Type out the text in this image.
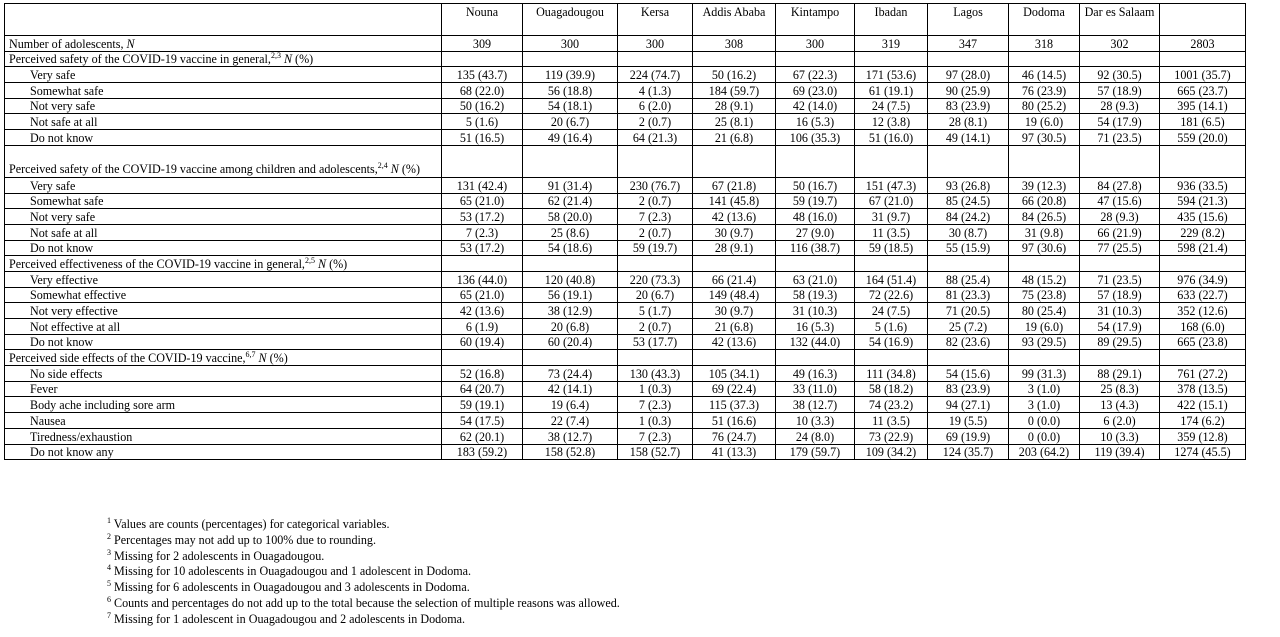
	Nouna	Ouagadougou	Kersa	Addis Ababa	Kintampo	Ibadan	Lagos	Dodoma	Dar es Salaam	
Number of adolescents, N	309	300	300	308	300	319	347	318	302	2803
Perceived safety of the COVID-19 vaccine in general,$^{2,3}$ N (%)										
Very safe	135 (43.7)	119 (39.9)	224 (74.7)	50 (16.2)	67 (22.3)	171 (53.6)	97 (28.0)	46 (14.5)	92 (30.5)	1001 (35.7)
Somewhat safe	68 (22.0)	56 (18.8)	4 (1.3)	184 (59.7)	69 (23.0)	61 (19.1)	90 (25.9)	76 (23.9)	57 (18.9)	665 (23.7)
Not very safe	50 (16.2)	54 (18.1)	6 (2.0)	28 (9.1)	42 (14.0)	24 (7.5)	83 (23.9)	80 (25.2)	28 (9.3)	395 (14.1)
Not safe at all	5 (1.6)	20 (6.7)	2 (0.7)	25 (8.1)	16 (5.3)	12 (3.8)	28 (8.1)	19 (6.0)	54 (17.9)	181 (6.5)
Do not know	51 (16.5)	49 (16.4)	64 (21.3)	21 (6.8)	106 (35.3)	51 (16.0)	49 (14.1)	97 (30.5)	71 (23.5)	559 (20.0)
Perceived safety of the COVID-19 vaccine among children and adolescents,$^{2,4}$ N (%)										
Very safe	131 (42.4)	91 (31.4)	230 (76.7)	67 (21.8)	50 (16.7)	151 (47.3)	93 (26.8)	39 (12.3)	84 (27.8)	936 (33.5)
Somewhat safe	65 (21.0)	62 (21.4)	2 (0.7)	141 (45.8)	59 (19.7)	67 (21.0)	85 (24.5)	66 (20.8)	47 (15.6)	594 (21.3)
Not very safe	53 (17.2)	58 (20.0)	7 (2.3)	42 (13.6)	48 (16.0)	31 (9.7)	84 (24.2)	84 (26.5)	28 (9.3)	435 (15.6)
Not safe at all	7 (2.3)	25 (8.6)	2 (0.7)	30 (9.7)	27 (9.0)	11 (3.5)	30 (8.7)	31 (9.8)	66 (21.9)	229 (8.2)
Do not know	53 (17.2)	54 (18.6)	59 (19.7)	28 (9.1)	116 (38.7)	59 (18.5)	55 (15.9)	97 (30.6)	77 (25.5)	598 (21.4)
Perceived effectiveness of the COVID-19 vaccine in general,$^{2,5}$ N (%)										
Very effective	136 (44.0)	120 (40.8)	220 (73.3)	66 (21.4)	63 (21.0)	164 (51.4)	88 (25.4)	48 (15.2)	71 (23.5)	976 (34.9)
Somewhat effective	65 (21.0)	56 (19.1)	20 (6.7)	149 (48.4)	58 (19.3)	72 (22.6)	81 (23.3)	75 (23.8)	57 (18.9)	633 (22.7)
Not very effective	42 (13.6)	38 (12.9)	5 (1.7)	30 (9.7)	31 (10.3)	24 (7.5)	71 (20.5)	80 (25.4)	31 (10.3)	352 (12.6)
Not effective at all	6 (1.9)	20 (6.8)	2 (0.7)	21 (6.8)	16 (5.3)	5 (1.6)	25 (7.2)	19 (6.0)	54 (17.9)	168 (6.0)
Do not know	60 (19.4)	60 (20.4)	53 (17.7)	42 (13.6)	132 (44.0)	54 (16.9)	82 (23.6)	93 (29.5)	89 (29.5)	665 (23.8)
Perceived side effects of the COVID-19 vaccine,$^{6,7}$ N (%)										
No side effects	52 (16.8)	73 (24.4)	130 (43.3)	105 (34.1)	49 (16.3)	111 (34.8)	54 (15.6)	99 (31.3)	88 (29.1)	761 (27.2)
Fever	64 (20.7)	42 (14.1)	1 (0.3)	69 (22.4)	33 (11.0)	58 (18.2)	83 (23.9)	3 (1.0)	25 (8.3)	378 (13.5)
Body ache including sore arm	59 (19.1)	19 (6.4)	7 (2.3)	115 (37.3)	38 (12.7)	74 (23.2)	94 (27.1)	3 (1.0)	13 (4.3)	422 (15.1)
Nausea	54 (17.5)	22 (7.4)	1 (0.3)	51 (16.6)	10 (3.3)	11 (3.5)	19 (5.5)	0 (0.0)	6 (2.0)	174 (6.2)
Tiredness/exhaustion	62 (20.1)	38 (12.7)	7 (2.3)	76 (24.7)	24 (8.0)	73 (22.9)	69 (19.9)	0 (0.0)	10 (3.3)	359 (12.8)
Do not know any	183 (59.2)	158 (52.8)	158 (52.7)	41 (13.3)	179 (59.7)	109 (34.2)	124 (35.7)	203 (64.2)	119 (39.4)	1274 (45.5)
$^1$ Values are counts (percentages) for categorical variables.
$^2$ Percentages may not add up to 100% due to rounding.
$^3$ Missing for 2 adolescents in Ouagadougou.
$^4$ Missing for 10 adolescents in Ouagadougou and 1 adolescent in Dodoma.
$^5$ Missing for 6 adolescents in Ouagadougou and 3 adolescents in Dodoma.
$^6$ Counts and percentages do not add up to the total because the selection of multiple reasons was allowed.
$^7$ Missing for 1 adolescent in Ouagadougou and 2 adolescents in Dodoma.
